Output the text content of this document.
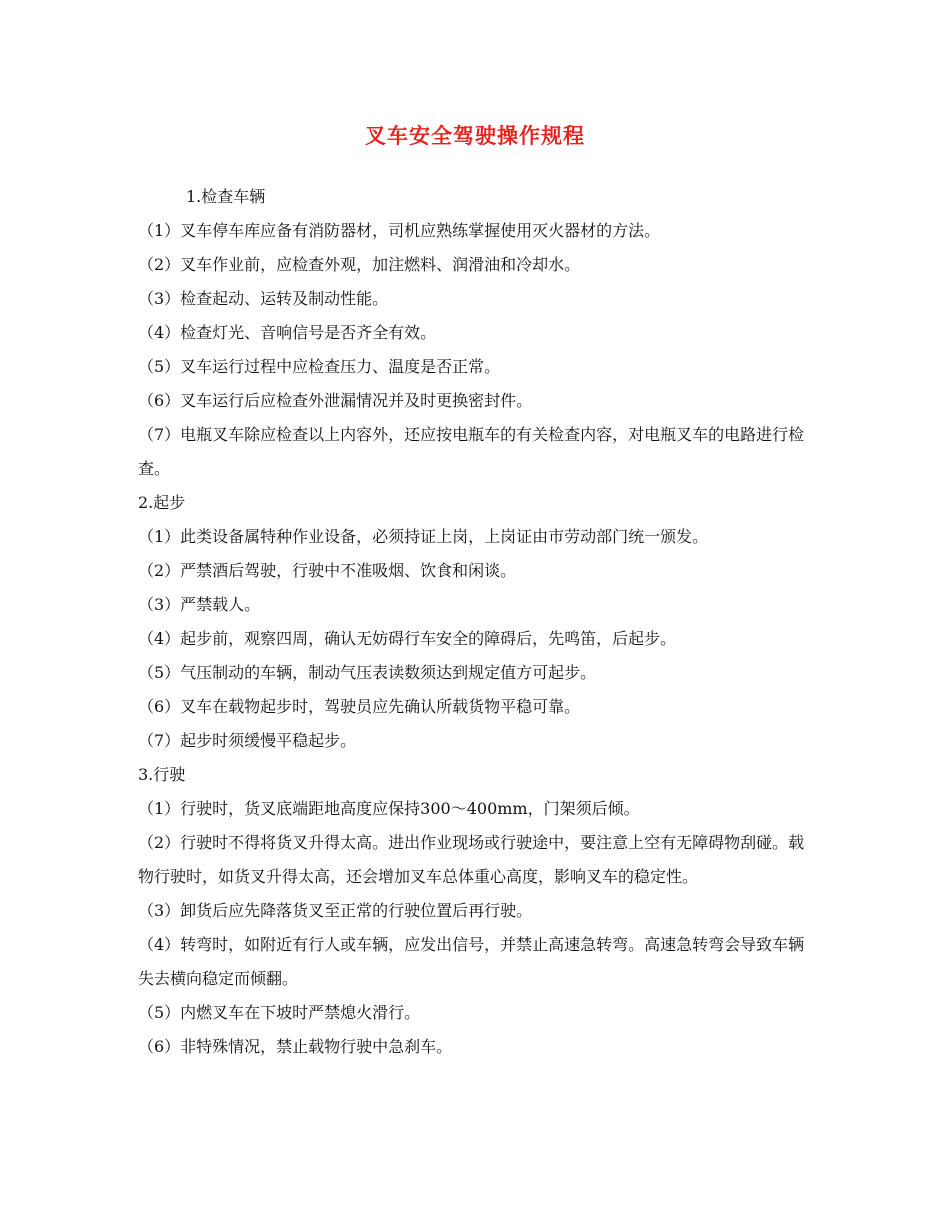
叉车安全驾驶操作规程

1.检查车辆

（1）叉车停车库应备有消防器材，司机应熟练掌握使用灭火器材的方法。

（2）叉车作业前，应检查外观，加注燃料、润滑油和冷却水。

（3）检查起动、运转及制动性能。

（4）检查灯光、音响信号是否齐全有效。

（5）叉车运行过程中应检查压力、温度是否正常。

（6）叉车运行后应检查外泄漏情况并及时更换密封件。

（7）电瓶叉车除应检查以上内容外，还应按电瓶车的有关检查内容，对电瓶叉车的电路进行检查。

2.起步

（1）此类设备属特种作业设备，必须持证上岗，上岗证由市劳动部门统一颁发。

（2）严禁酒后驾驶，行驶中不准吸烟、饮食和闲谈。

（3）严禁载人。

（4）起步前，观察四周，确认无妨碍行车安全的障碍后，先鸣笛，后起步。

（5）气压制动的车辆，制动气压表读数须达到规定值方可起步。

（6）叉车在载物起步时，驾驶员应先确认所载货物平稳可靠。

（7）起步时须缓慢平稳起步。

3.行驶

（1）行驶时，货叉底端距地高度应保持300～400mm，门架须后倾。

（2）行驶时不得将货叉升得太高。进出作业现场或行驶途中，要注意上空有无障碍物刮碰。载物行驶时，如货叉升得太高，还会增加叉车总体重心高度，影响叉车的稳定性。

（3）卸货后应先降落货叉至正常的行驶位置后再行驶。

（4）转弯时，如附近有行人或车辆，应发出信号，并禁止高速急转弯。高速急转弯会导致车辆失去横向稳定而倾翻。

（5）内燃叉车在下坡时严禁熄火滑行。

（6）非特殊情况，禁止载物行驶中急刹车。
